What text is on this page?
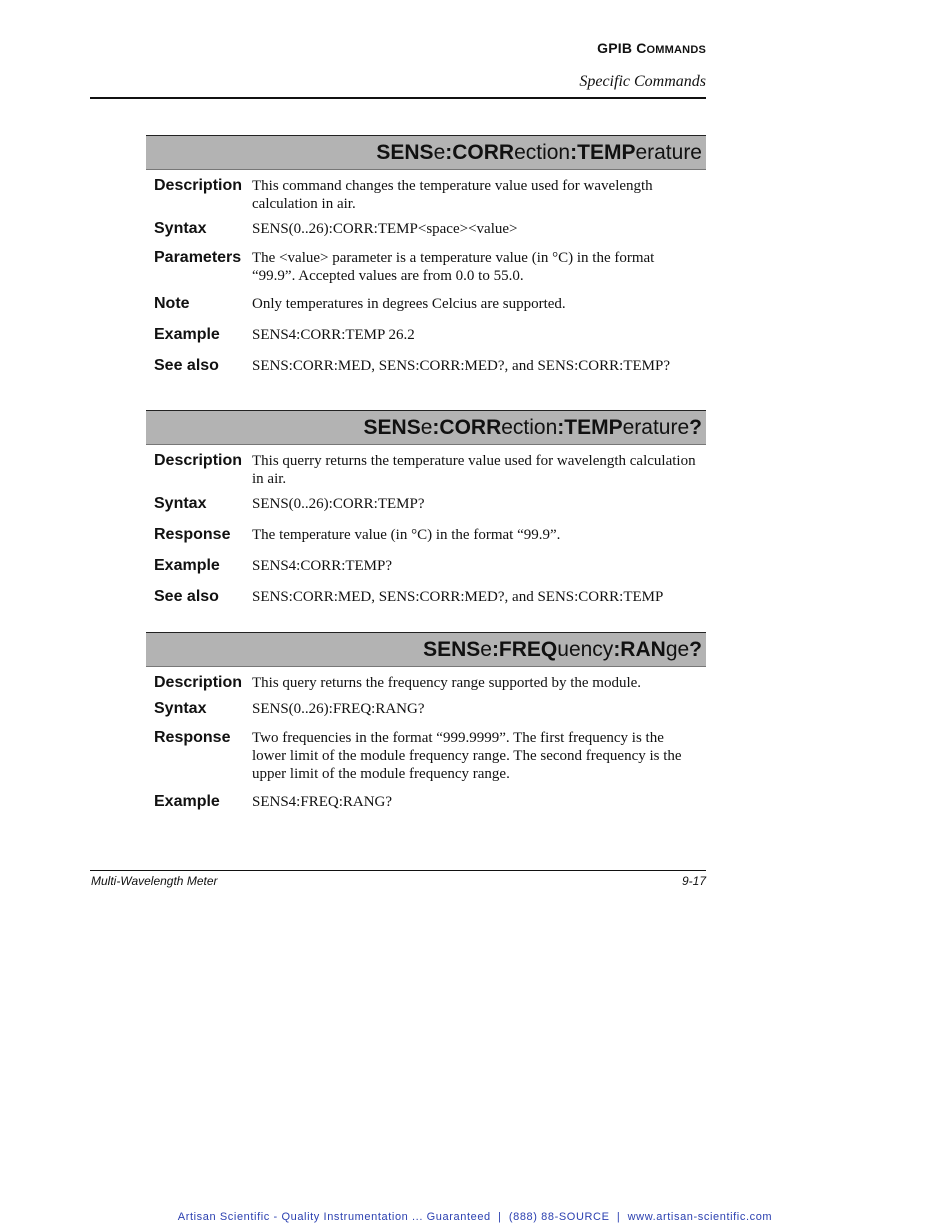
GPIB COMMANDS
Specific Commands
SENSe:CORRection:TEMPerature
Description This command changes the temperature value used for wavelength calculation in air.
Syntax	SENS(0..26):CORR:TEMP<space><value>
Parameters The <value> parameter is a temperature value (in °C) in the format “99.9”. Accepted values are from 0.0 to 55.0.
Note	Only temperatures in degrees Celcius are supported.
Example	SENS4:CORR:TEMP 26.2
See also	SENS:CORR:MED, SENS:CORR:MED?, and SENS:CORR:TEMP?
SENSe:CORRection:TEMPerature?
Description This querry returns the temperature value used for wavelength calculation in air.
Syntax	SENS(0..26):CORR:TEMP?
Response	The temperature value (in °C) in the format “99.9”.
Example	SENS4:CORR:TEMP?
See also	SENS:CORR:MED, SENS:CORR:MED?, and SENS:CORR:TEMP
SENSe:FREQuency:RANge?
Description This query returns the frequency range supported by the module.
Syntax	SENS(0..26):FREQ:RANG?
Response	Two frequencies in the format “999.9999”. The first frequency is the lower limit of the module frequency range. The second frequency is the upper limit of the module frequency range.
Example	SENS4:FREQ:RANG?
Multi-Wavelength Meter	9-17
Artisan Scientific - Quality Instrumentation ... Guaranteed  |  (888) 88-SOURCE  |  www.artisan-scientific.com
